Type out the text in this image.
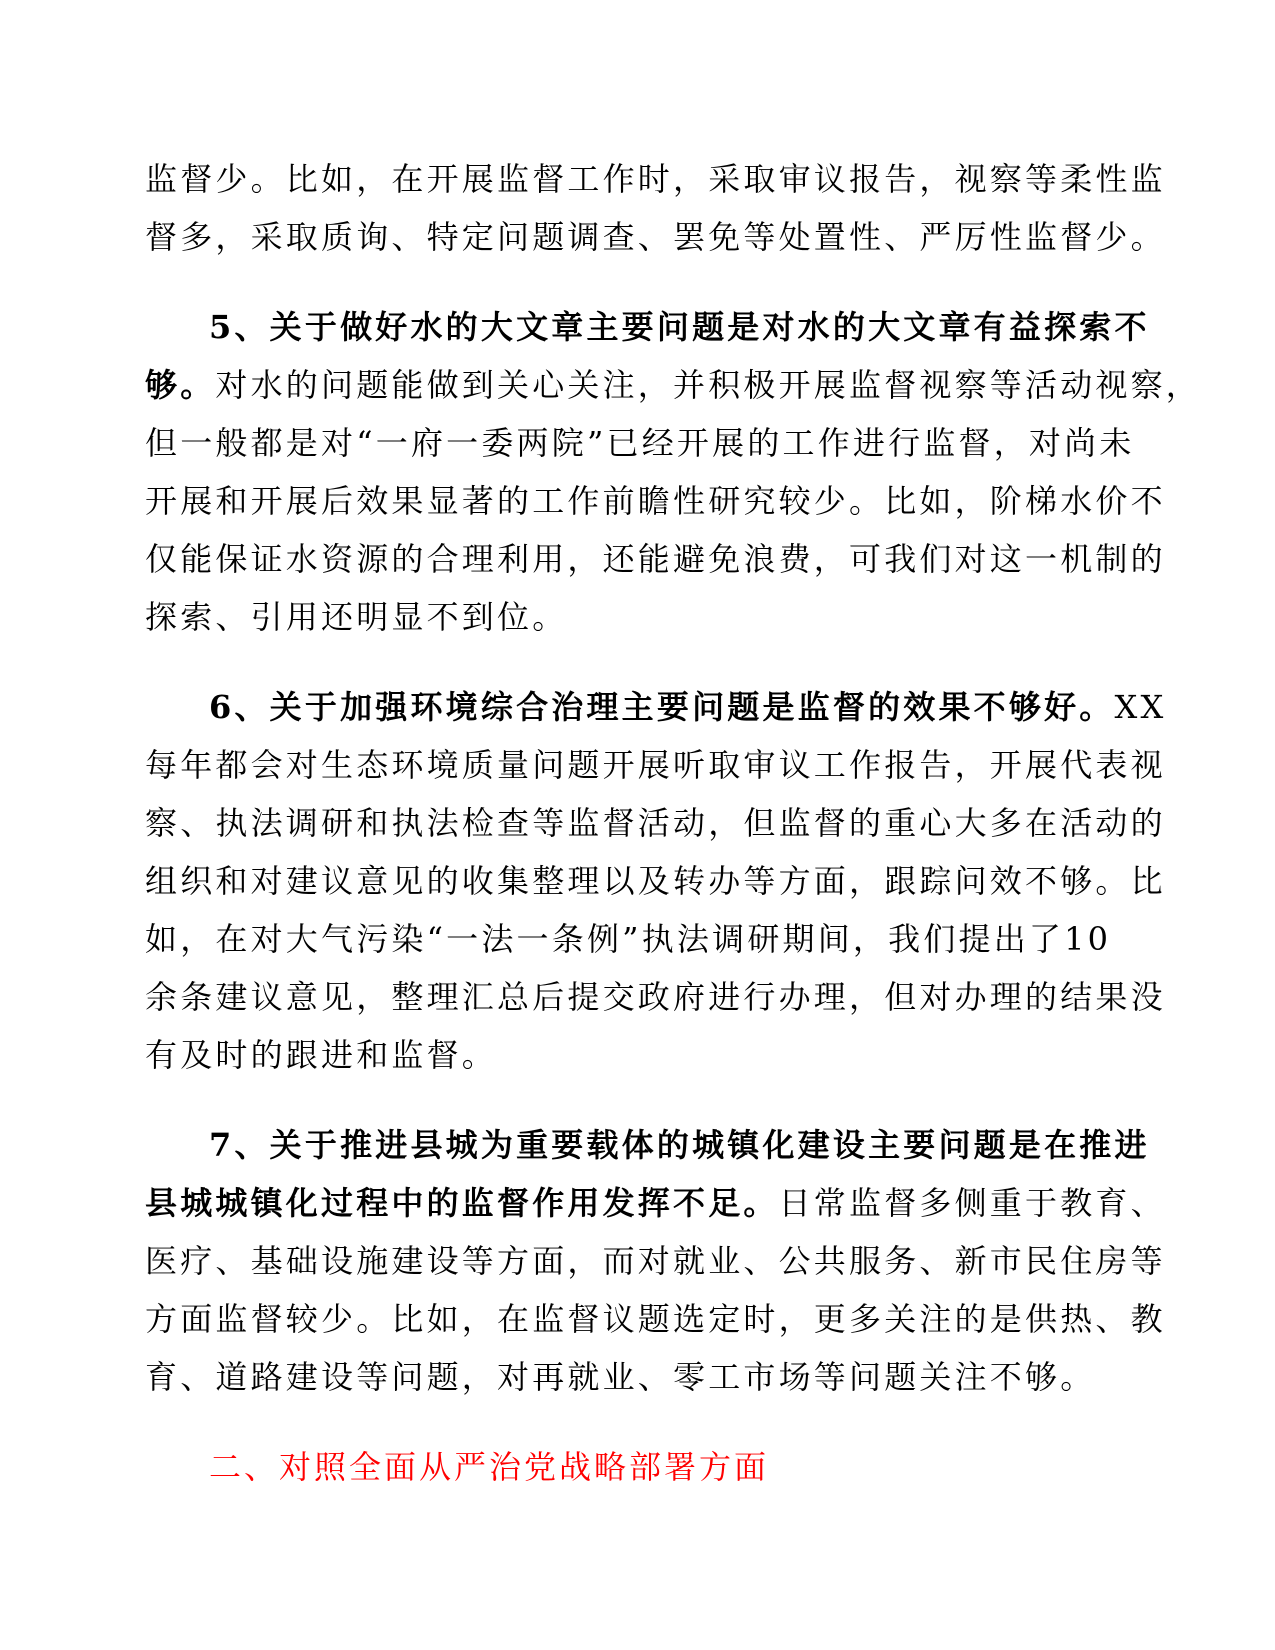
监督少。比如，在开展监督工作时，采取审议报告，视察等柔性监
督多，采取质询、特定问题调查、罢免等处置性、严厉性监督少。
5、关于做好水的大文章主要问题是对水的大文章有益探索不
够。对水的问题能做到关心关注，并积极开展监督视察等活动视察，
但一般都是对“一府一委两院”已经开展的工作进行监督，对尚未
开展和开展后效果显著的工作前瞻性研究较少。比如，阶梯水价不
仅能保证水资源的合理利用，还能避免浪费，可我们对这一机制的
探索、引用还明显不到位。
6、关于加强环境综合治理主要问题是监督的效果不够好。XX
每年都会对生态环境质量问题开展听取审议工作报告，开展代表视
察、执法调研和执法检查等监督活动，但监督的重心大多在活动的
组织和对建议意见的收集整理以及转办等方面，跟踪问效不够。比
如，在对大气污染“一法一条例”执法调研期间，我们提出了10
余条建议意见，整理汇总后提交政府进行办理，但对办理的结果没
有及时的跟进和监督。
7、关于推进县城为重要载体的城镇化建设主要问题是在推进
县城城镇化过程中的监督作用发挥不足。日常监督多侧重于教育、
医疗、基础设施建设等方面，而对就业、公共服务、新市民住房等
方面监督较少。比如，在监督议题选定时，更多关注的是供热、教
育、道路建设等问题，对再就业、零工市场等问题关注不够。
二、对照全面从严治党战略部署方面
